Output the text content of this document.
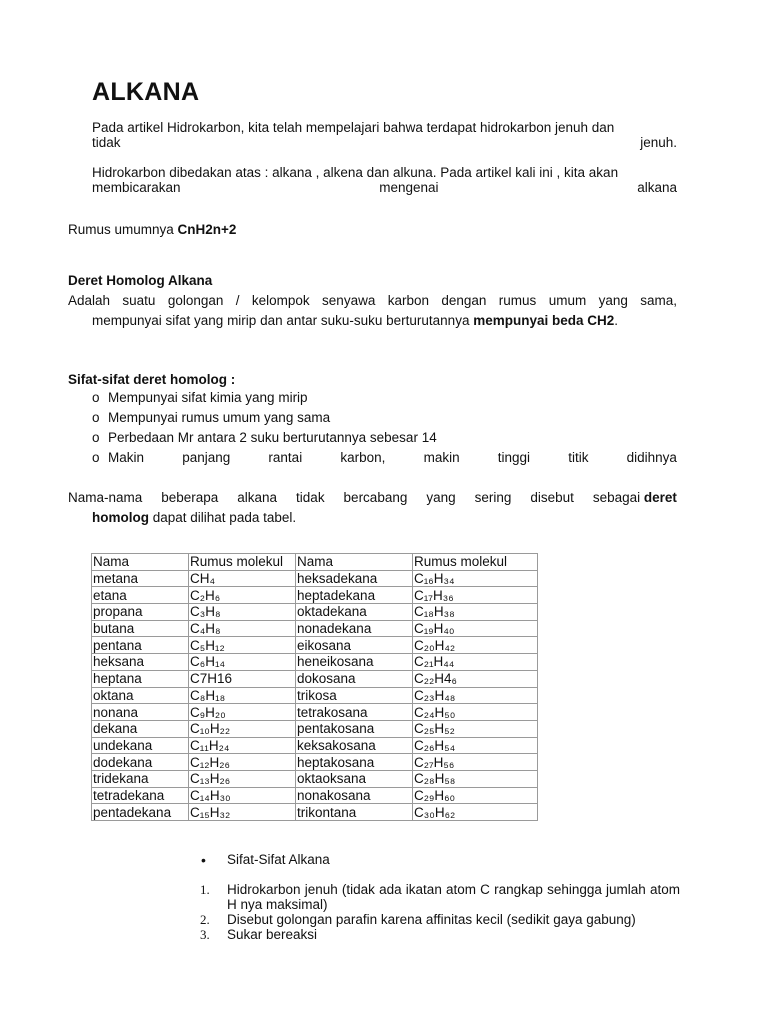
ALKANA
Pada artikel Hidrokarbon, kita telah mempelajari bahwa terdapat hidrokarbon jenuh dan
tidak	jenuh.
Hidrokarbon dibedakan atas : alkana , alkena dan alkuna. Pada artikel kali ini , kita akan
membicarakan	mengenai	alkana
Rumus umumnya CnH2n+2
Deret Homolog Alkana
Adalah suatu golongan / kelompok senyawa karbon dengan rumus umum yang sama,
mempunyai sifat yang mirip dan antar suku-suku berturutannya mempunyai beda CH2.
Sifat-sifat deret homolog :
o Mempunyai sifat kimia yang mirip
o Mempunyai rumus umum yang sama
o Perbedaan Mr antara 2 suku berturutannya sebesar 14
o Makin	panjang	rantai	karbon,	makin	tinggi	titik	didihnya
Nama-nama beberapa alkana tidak bercabang yang sering disebut sebagai deret
homolog dapat dilihat pada tabel.
Nama	Rumus molekul	Nama	Rumus molekul
metana	CH₄	heksadekana	C₁₆H₃₄
etana	C₂H₆	heptadekana	C₁₇H₃₆
propana	C₃H₈	oktadekana	C₁₈H₃₈
butana	C₄H₈	nonadekana	C₁₉H₄₀
pentana	C₅H₁₂	eikosana	C₂₀H₄₂
heksana	C₆H₁₄	heneikosana	C₂₁H₄₄
heptana	C7H16	dokosana	C₂₂H4₆
oktana	C₈H₁₈	trikosa	C₂₃H₄₈
nonana	C₉H₂₀	tetrakosana	C₂₄H₅₀
dekana	C₁₀H₂₂	pentakosana	C₂₅H₅₂
undekana	C₁₁H₂₄	keksakosana	C₂₆H₅₄
dodekana	C₁₂H₂₆	heptakosana	C₂₇H₅₆
tridekana	C₁₃H₂₆	oktaoksana	C₂₈H₅₈
tetradekana	C₁₄H₃₀	nonakosana	C₂₉H₆₀
pentadekana	C₁₅H₃₂	trikontana	C₃₀H₆₂
• Sifat-Sifat Alkana
1.	Hidrokarbon jenuh (tidak ada ikatan atom C rangkap sehingga jumlah atom H nya maksimal)
2.	Disebut golongan parafin karena affinitas kecil (sedikit gaya gabung)
3.	Sukar bereaksi
